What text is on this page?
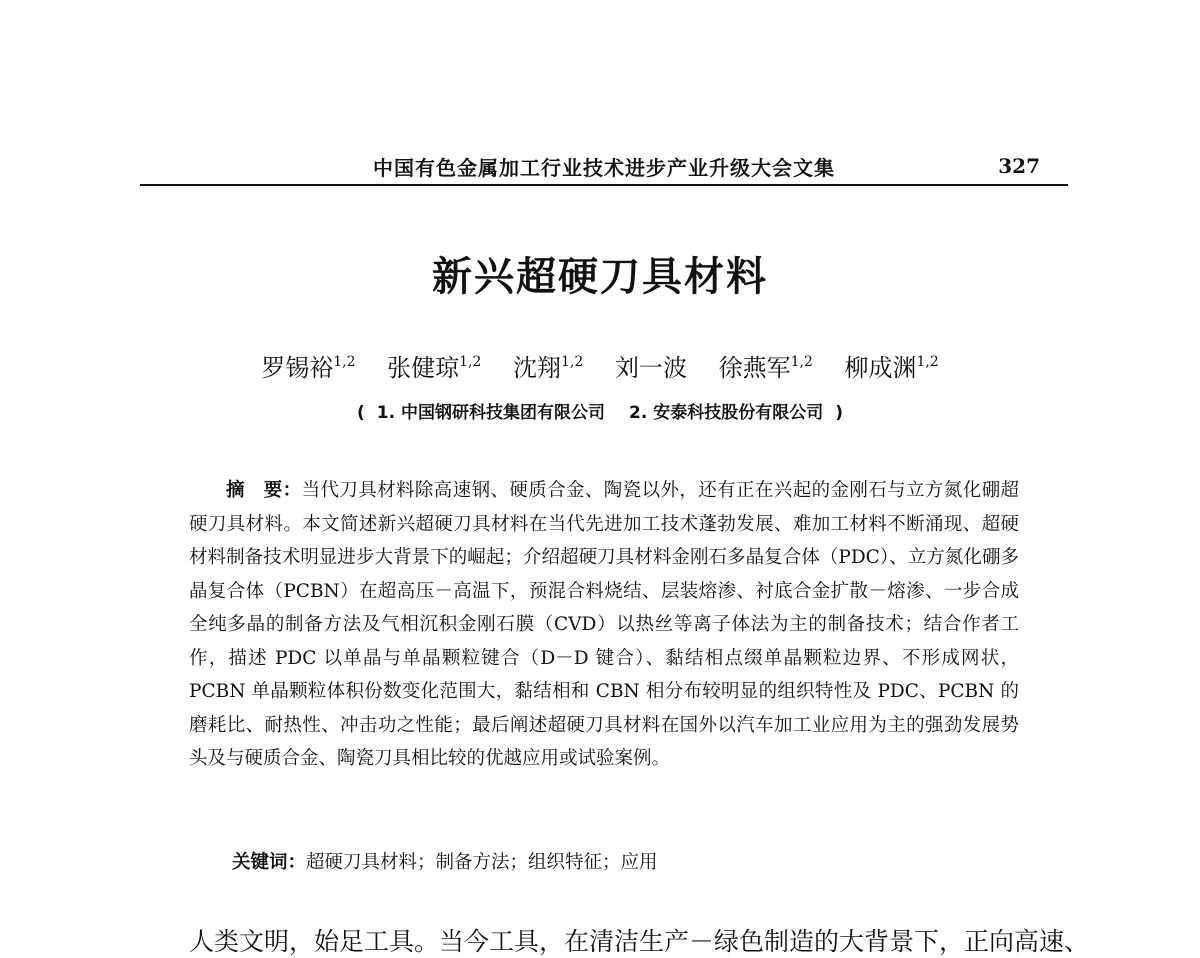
中国有色金属加工行业技术进步产业升级大会文集	327
新兴超硬刀具材料
罗锡裕$^{1,2}$ 张健琼$^{1,2}$ 沈翔$^{1,2}$ 刘一波 徐燕军$^{1,2}$ 柳成渊$^{1,2}$
( 1. 中国钢研科技集团有限公司 2. 安泰科技股份有限公司 )

摘　要：当代刀具材料除高速钢、硬质合金、陶瓷以外，还有正在兴起的金刚石与立方氮化硼超硬刀具材料。本文简述新兴超硬刀具材料在当代先进加工技术蓬勃发展、难加工材料不断涌现、超硬材料制备技术明显进步大背景下的崛起；介绍超硬刀具材料金刚石多晶复合体（PDC）、立方氮化硼多晶复合体（PCBN）在超高压－高温下，预混合料烧结、层装熔渗、衬底合金扩散－熔渗、一步合成全纯多晶的制备方法及气相沉积金刚石膜（CVD）以热丝等离子体法为主的制备技术；结合作者工作，描述 PDC 以单晶与单晶颗粒键合（D－D 键合）、黏结相点缀单晶颗粒边界、不形成网状，PCBN 单晶颗粒体积份数变化范围大，黏结相和 CBN 相分布较明显的组织特性及 PDC、PCBN 的磨耗比、耐热性、冲击功之性能；最后阐述超硬刀具材料在国外以汽车加工业应用为主的强劲发展势头及与硬质合金、陶瓷刀具相比较的优越应用或试验案例。

关键词：超硬刀具材料；制备方法；组织特征；应用

人类文明，始足工具。当今工具，在清洁生产－绿色制造的大背景下，正向高速、
